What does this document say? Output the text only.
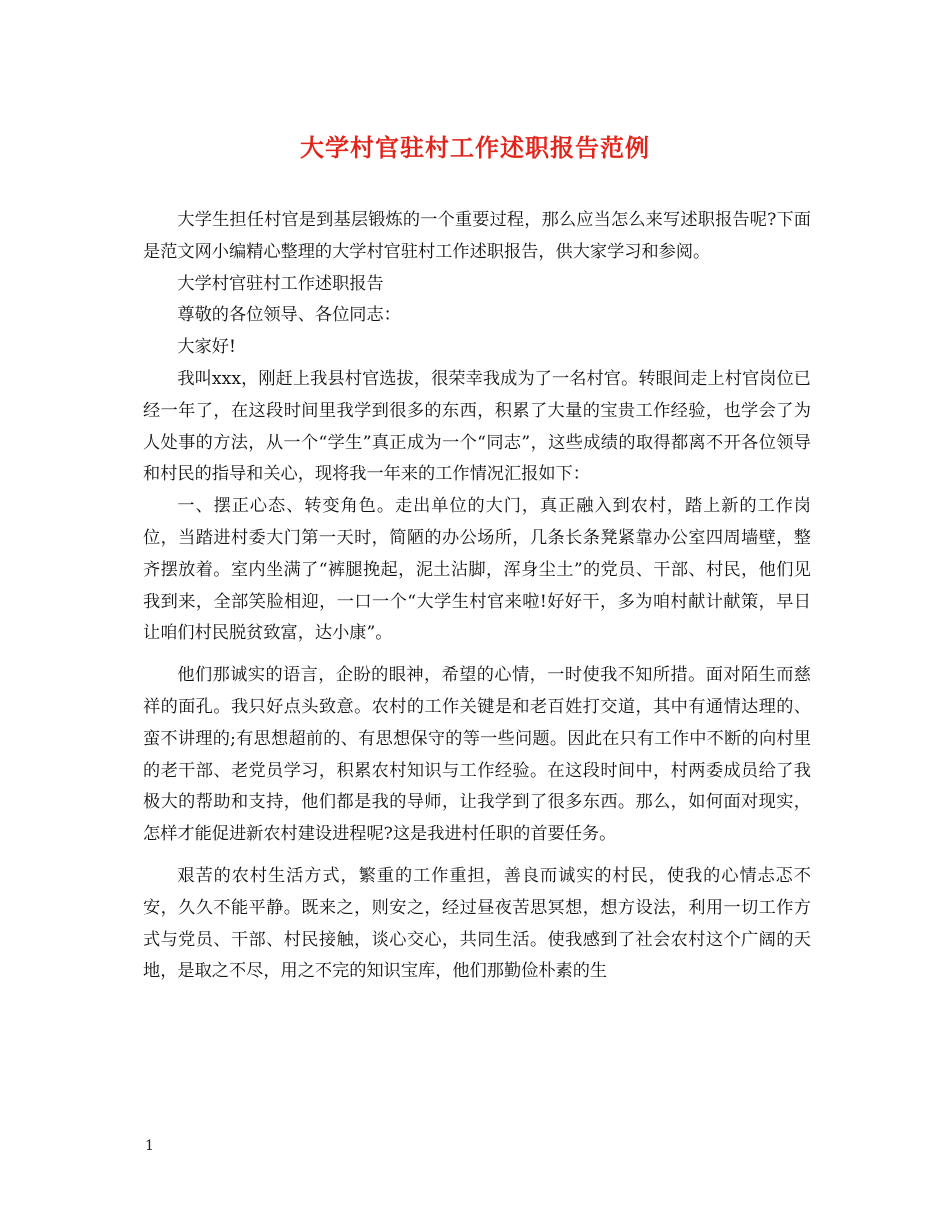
大学村官驻村工作述职报告范例

大学生担任村官是到基层锻炼的一个重要过程，那么应当怎么来写述职报告呢?下面是范文网小编精心整理的大学村官驻村工作述职报告，供大家学习和参阅。

大学村官驻村工作述职报告

尊敬的各位领导、各位同志：

大家好!

我叫xxx，刚赶上我县村官选拔，很荣幸我成为了一名村官。转眼间走上村官岗位已经一年了，在这段时间里我学到很多的东西，积累了大量的宝贵工作经验，也学会了为人处事的方法，从一个“学生”真正成为一个“同志”，这些成绩的取得都离不开各位领导和村民的指导和关心，现将我一年来的工作情况汇报如下：

一、摆正心态、转变角色。走出单位的大门，真正融入到农村，踏上新的工作岗位，当踏进村委大门第一天时，简陋的办公场所，几条长条凳紧靠办公室四周墙壁，整齐摆放着。室内坐满了“裤腿挽起，泥土沾脚，浑身尘土”的党员、干部、村民，他们见我到来，全部笑脸相迎，一口一个“大学生村官来啦!好好干，多为咱村献计献策，早日让咱们村民脱贫致富，达小康”。

他们那诚实的语言，企盼的眼神，希望的心情，一时使我不知所措。面对陌生而慈祥的面孔。我只好点头致意。农村的工作关键是和老百姓打交道，其中有通情达理的、蛮不讲理的;有思想超前的、有思想保守的等一些问题。因此在只有工作中不断的向村里的老干部、老党员学习，积累农村知识与工作经验。在这段时间中，村两委成员给了我极大的帮助和支持，他们都是我的导师，让我学到了很多东西。那么，如何面对现实，怎样才能促进新农村建设进程呢?这是我进村任职的首要任务。

艰苦的农村生活方式，繁重的工作重担，善良而诚实的村民，使我的心情忐忑不安，久久不能平静。既来之，则安之，经过昼夜苦思冥想，想方设法，利用一切工作方式与党员、干部、村民接触，谈心交心，共同生活。使我感到了社会农村这个广阔的天地，是取之不尽，用之不完的知识宝库，他们那勤俭朴素的生

1
